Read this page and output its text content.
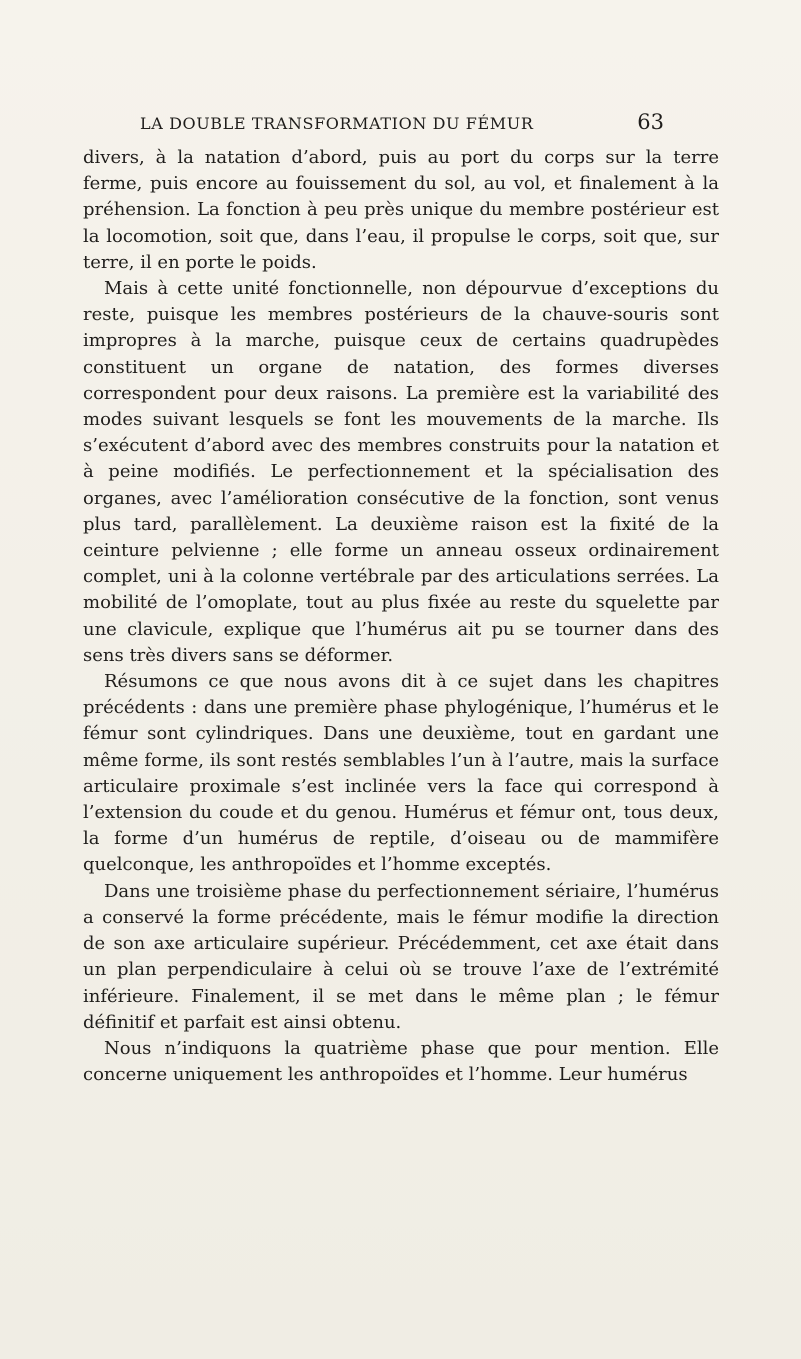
LA DOUBLE TRANSFORMATION DU FÉMUR	63

divers, à la natation d’abord, puis au port du corps sur la terre ferme, puis encore au fouissement du sol, au vol, et finalement à la préhension. La fonction à peu près unique du membre postérieur est la locomotion, soit que, dans l’eau, il propulse le corps, soit que, sur terre, il en porte le poids.

Mais à cette unité fonctionnelle, non dépourvue d’exceptions du reste, puisque les membres postérieurs de la chauve-souris sont impropres à la marche, puisque ceux de certains quadrupèdes constituent un organe de natation, des formes diverses correspondent pour deux raisons. La première est la variabilité des modes suivant lesquels se font les mouvements de la marche. Ils s’exécutent d’abord avec des membres construits pour la natation et à peine modifiés. Le perfectionnement et la spécialisation des organes, avec l’amélioration consécutive de la fonction, sont venus plus tard, parallèlement. La deuxième raison est la fixité de la ceinture pelvienne ; elle forme un anneau osseux ordinairement complet, uni à la colonne vertébrale par des articulations serrées. La mobilité de l’omoplate, tout au plus fixée au reste du squelette par une clavicule, explique que l’humérus ait pu se tourner dans des sens très divers sans se déformer.

Résumons ce que nous avons dit à ce sujet dans les chapitres précédents : dans une première phase phylogénique, l’humérus et le fémur sont cylindriques. Dans une deuxième, tout en gardant une même forme, ils sont restés semblables l’un à l’autre, mais la surface articulaire proximale s’est inclinée vers la face qui correspond à l’extension du coude et du genou. Humérus et fémur ont, tous deux, la forme d’un humérus de reptile, d’oiseau ou de mammifère quelconque, les anthropoïdes et l’homme exceptés.

Dans une troisième phase du perfectionnement sériaire, l’humérus a conservé la forme précédente, mais le fémur modifie la direction de son axe articulaire supérieur. Précédemment, cet axe était dans un plan perpendiculaire à celui où se trouve l’axe de l’extrémité inférieure. Finalement, il se met dans le même plan ; le fémur définitif et parfait est ainsi obtenu.

Nous n’indiquons la quatrième phase que pour mention. Elle concerne uniquement les anthropoïdes et l’homme. Leur humérus
